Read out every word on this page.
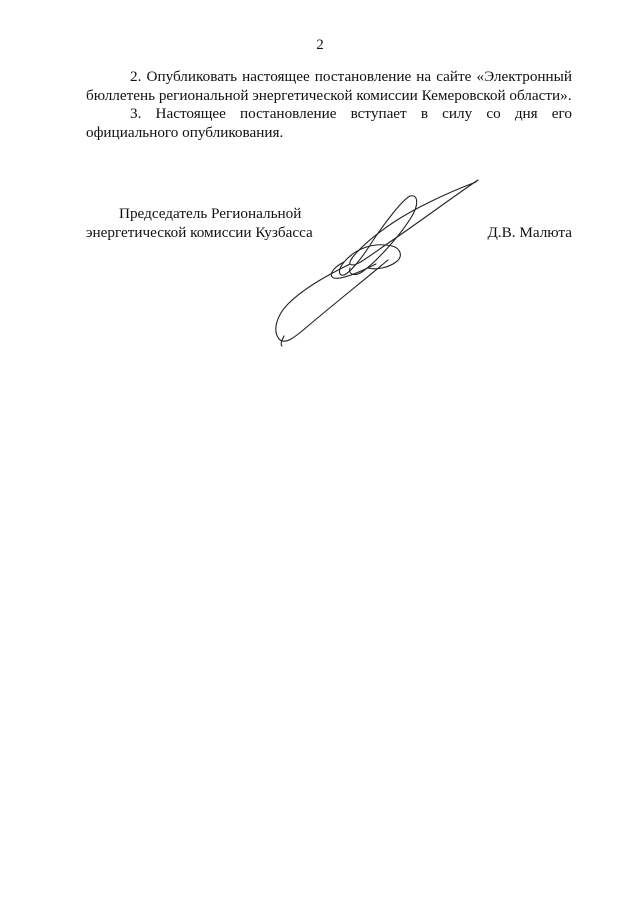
2

2. Опубликовать настоящее постановление на сайте «Электронный бюллетень региональной энергетической комиссии Кемеровской области».

3. Настоящее постановление вступает в силу со дня его официального опубликования.

Председатель Региональной
энергетической комиссии Кузбасса	Д.В. Малюта
